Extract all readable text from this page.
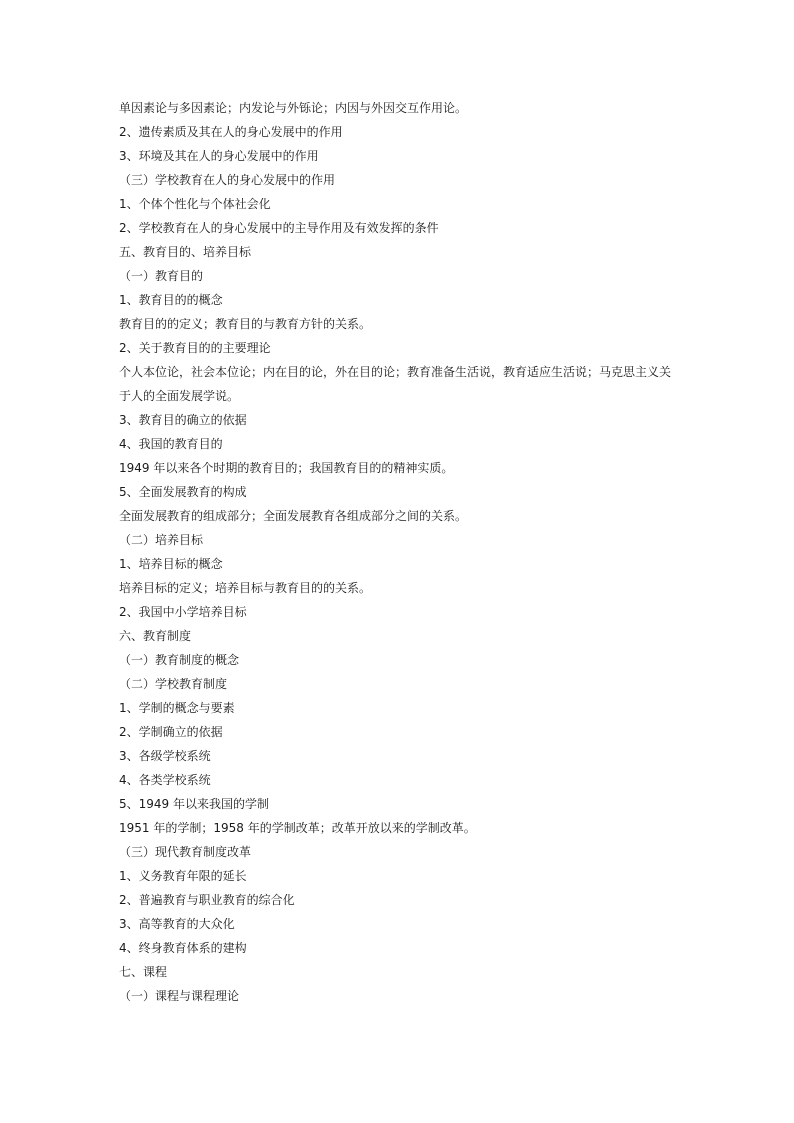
单因素论与多因素论；内发论与外铄论；内因与外因交互作用论。
2、遗传素质及其在人的身心发展中的作用
3、环境及其在人的身心发展中的作用
（三）学校教育在人的身心发展中的作用
1、个体个性化与个体社会化
2、学校教育在人的身心发展中的主导作用及有效发挥的条件
五、教育目的、培养目标
（一）教育目的
1、教育目的的概念
教育目的的定义；教育目的与教育方针的关系。
2、关于教育目的的主要理论
个人本位论，社会本位论；内在目的论，外在目的论；教育准备生活说，教育适应生活说；马克思主义关于人的全面发展学说。
3、教育目的确立的依据
4、我国的教育目的
1949 年以来各个时期的教育目的；我国教育目的的精神实质。
5、全面发展教育的构成
全面发展教育的组成部分；全面发展教育各组成部分之间的关系。
（二）培养目标
1、培养目标的概念
培养目标的定义；培养目标与教育目的的关系。
2、我国中小学培养目标
六、教育制度
（一）教育制度的概念
（二）学校教育制度
1、学制的概念与要素
2、学制确立的依据
3、各级学校系统
4、各类学校系统
5、1949 年以来我国的学制
1951 年的学制；1958 年的学制改革；改革开放以来的学制改革。
（三）现代教育制度改革
1、义务教育年限的延长
2、普遍教育与职业教育的综合化
3、高等教育的大众化
4、终身教育体系的建构
七、课程
（一）课程与课程理论
